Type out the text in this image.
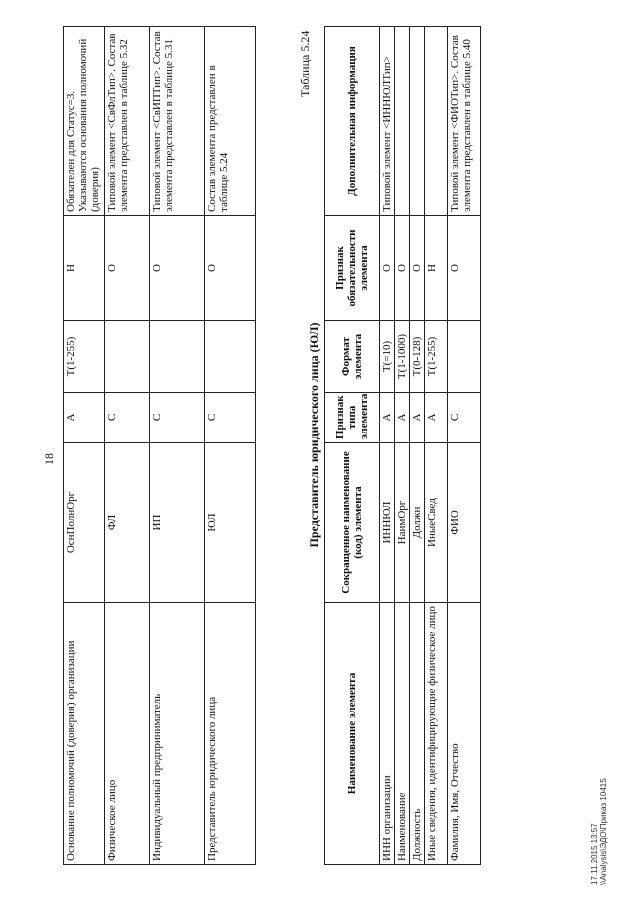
18
Основание полномочий (доверия) организации	ОснПолнОрг	А	Т(1-255)	Н	Обязателен для Статус=3. Указываются основания полномочий (доверия)
Физическое лицо	ФЛ	С		О	Типовой элемент <СвФлТип>. Состав элемента представлен в таблице 5.32
Индивидуальный предприниматель	ИП	С		О	Типовой элемент <СвИПТип>. Состав элемента представлен в таблице 5.31
Представитель юридического лица	ЮЛ	С		О	Состав элемента представлен в таблице 5.24
Таблица 5.24
Представитель юридического лица (ЮЛ)
Наименование элемента	Сокращенное наименование (код) элемента	Признак типа элемента	Формат элемента	Признак обязательности элемента	Дополнительная информация
ИНН организации	ИННЮЛ	А	Т(=10)	О	Типовой элемент <ИННЮЛТип>
Наименование	НаимОрг	А	Т(1-1000)	О	
Должность	Должн	А	Т(0-128)	О	
Иные сведения, идентифицирующие физическое лицо	ИныеСвед	А	Т(1-255)	Н	
Фамилия, Имя, Отчество	ФИО	С		О	Типовой элемент <ФИОТип>. Состав элемента представлен в таблице 5.40
17.11.2015 13:57 \\Analysis\ЭДО\Приказ 10415
